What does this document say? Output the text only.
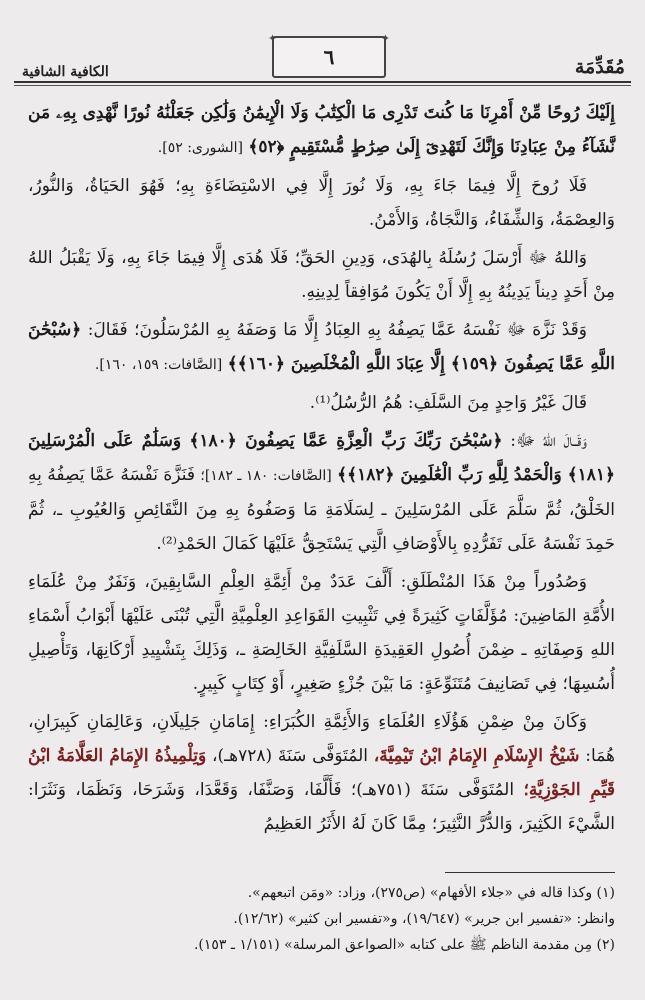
مُقَدِّمَة
✦
٦
✦
الكافية الشافية

إِلَيْكَ رُوحًا مِّنْ أَمْرِنَا مَا كُنتَ تَدْرِى مَا الْكِتَٰبُ وَلَا الْإِيمَٰنُ وَلَٰكِن جَعَلْنَٰهُ نُورًا نَّهْدِى بِهِۦ مَن نَّشَآءُ مِنْ عِبَادِنَا وَإِنَّكَ لَتَهْدِىٓ إِلَىٰ صِرَٰطٍ مُّسْتَقِيمٍ ﴿٥٢﴾ [الشورى: ٥٢].

فَلَا رُوحَ إِلَّا فِيمَا جَاءَ بِهِ، وَلَا نُورَ إِلَّا فِي الاسْتِضَاءَةِ بِهِ؛ فَهُوَ الحَيَاةُ، وَالنُّورُ، وَالعِصْمَةُ، وَالشِّفَاءُ، وَالنَّجَاةُ، وَالأَمْنُ.

وَاللهُ ﷻ أَرْسَلَ رُسُلَهُ بِالهُدَى، وَدِينِ الحَقِّ؛ فَلَا هُدَى إِلَّا فِيمَا جَاءَ بِهِ، وَلَا يَقْبَلُ اللهُ مِنْ أَحَدٍ دِيناً يَدِينُهُ بِهِ إِلَّا أَنْ يَكُونَ مُوَافِقاً لِدِينِهِ.

وَقَدْ نَزَّهَ ﷻ نَفْسَهُ عَمَّا يَصِفُهُ بِهِ العِبَادُ إِلَّا مَا وَصَفَهُ بِهِ المُرْسَلُونَ؛ فَقَالَ: ﴿سُبْحَٰنَ اللَّهِ عَمَّا يَصِفُونَ ﴿١٥٩﴾ إِلَّا عِبَادَ اللَّهِ الْمُخْلَصِينَ ﴿١٦٠﴾﴾ [الصَّافات: ١٥٩، ١٦٠].

قَالَ غَيْرُ وَاحِدٍ مِنَ السَّلَفِ: هُمُ الرُّسُلُ⁽¹⁾.

وَقَــالَ اللهُ ﷻ: ﴿سُبْحَٰنَ رَبِّكَ رَبِّ الْعِزَّةِ عَمَّا يَصِفُونَ ﴿١٨٠﴾ وَسَلَٰمٌ عَلَى الْمُرْسَلِينَ ﴿١٨١﴾ وَالْحَمْدُ لِلَّهِ رَبِّ الْعَٰلَمِينَ ﴿١٨٢﴾﴾ [الصَّافات: ١٨٠ ـ ١٨٢]؛ فَنَزَّهَ نَفْسَهُ عَمَّا يَصِفُهُ بِهِ الخَلْقُ، ثُمَّ سَلَّمَ عَلَى المُرْسَلِينَ ـ لِسَلَامَةِ مَا وَصَفُوهُ بِهِ مِنَ النَّقَائِصِ وَالعُيُوبِ ـ، ثُمَّ حَمِدَ نَفْسَهُ عَلَى تَفَرُّدِهِ بِالأَوْصَافِ الَّتِي يَسْتَحِقُّ عَلَيْهَا كَمَالَ الحَمْدِ⁽²⁾.

وَصُدُوراً مِنْ هَذَا المُنْطَلَقِ: أَلَّفَ عَدَدٌ مِنْ أَئِمَّةِ العِلْمِ السَّابِقِينَ، وَنَفَرٌ مِنْ عُلَمَاءِ الأُمَّةِ المَاضِينَ: مُؤَلَّفَاتٍ كَثِيرَةً فِي تَثْبِيتِ القَوَاعِدِ العِلْمِيَّةِ الَّتِي تُبْنَى عَلَيْهَا أَبْوَابُ أَسْمَاءِ اللهِ وَصِفَاتِهِ ـ ضِمْنَ أُصُولِ العَقِيدَةِ السَّلَفِيَّةِ الخَالِصَةِ ـ، وَذَلِكَ بِتَشْيِيدِ أَرْكَانِهَا، وَتَأْصِيلِ أُسُسِهَا؛ فِي تَصَانِيفَ مُتَنَوِّعَةٍ: مَا بَيْنَ جُزْءٍ صَغِيرٍ، أَوْ كِتَابٍ كَبِيرٍ.

وَكَانَ مِنْ ضِمْنِ هَؤُلَاءِ العُلَمَاءِ وَالأَئِمَّةِ الكُبَرَاءِ: إِمَامَانِ جَلِيلَانِ، وَعَالِمَانِ كَبِيرَانِ، هُمَا: شَيْخُ الإِسْلَامِ الإِمَامُ ابْنُ تَيْمِيَّةَ، المُتَوَفَّى سَنَةَ (٧٢٨هـ)، وَتِلْمِيذُهُ الإِمَامُ العَلَّامَةُ ابْنُ قَيِّمِ الجَوْزِيَّةِ؛ المُتَوَفَّى سَنَةَ (٧٥١هـ)؛ فَأَلَّفَا، وَصَنَّفَا، وَقَعَّدَا، وَشَرَحَا، وَنَظَمَا، وَنَثَرَا: الشَّيْءَ الكَثِيرَ، وَالدُّرَّ النَّثِيرَ؛ مِمَّا كَانَ لَهُ الأَثَرُ العَظِيمُ

(١) وكذا قاله في «جلاء الأفهام» (ص٢٧٥)، وزاد: «ومَن اتبعهم».
وانظر: «تفسير ابن جرير» (١٩/٦٤٧)، و«تفسير ابن كثير» (١٢/٦٢).
(٢) مِن مقدمة الناظم ﷺ على كتابه «الصواعق المرسلة» (١/١٥١ ـ ١٥٣).
